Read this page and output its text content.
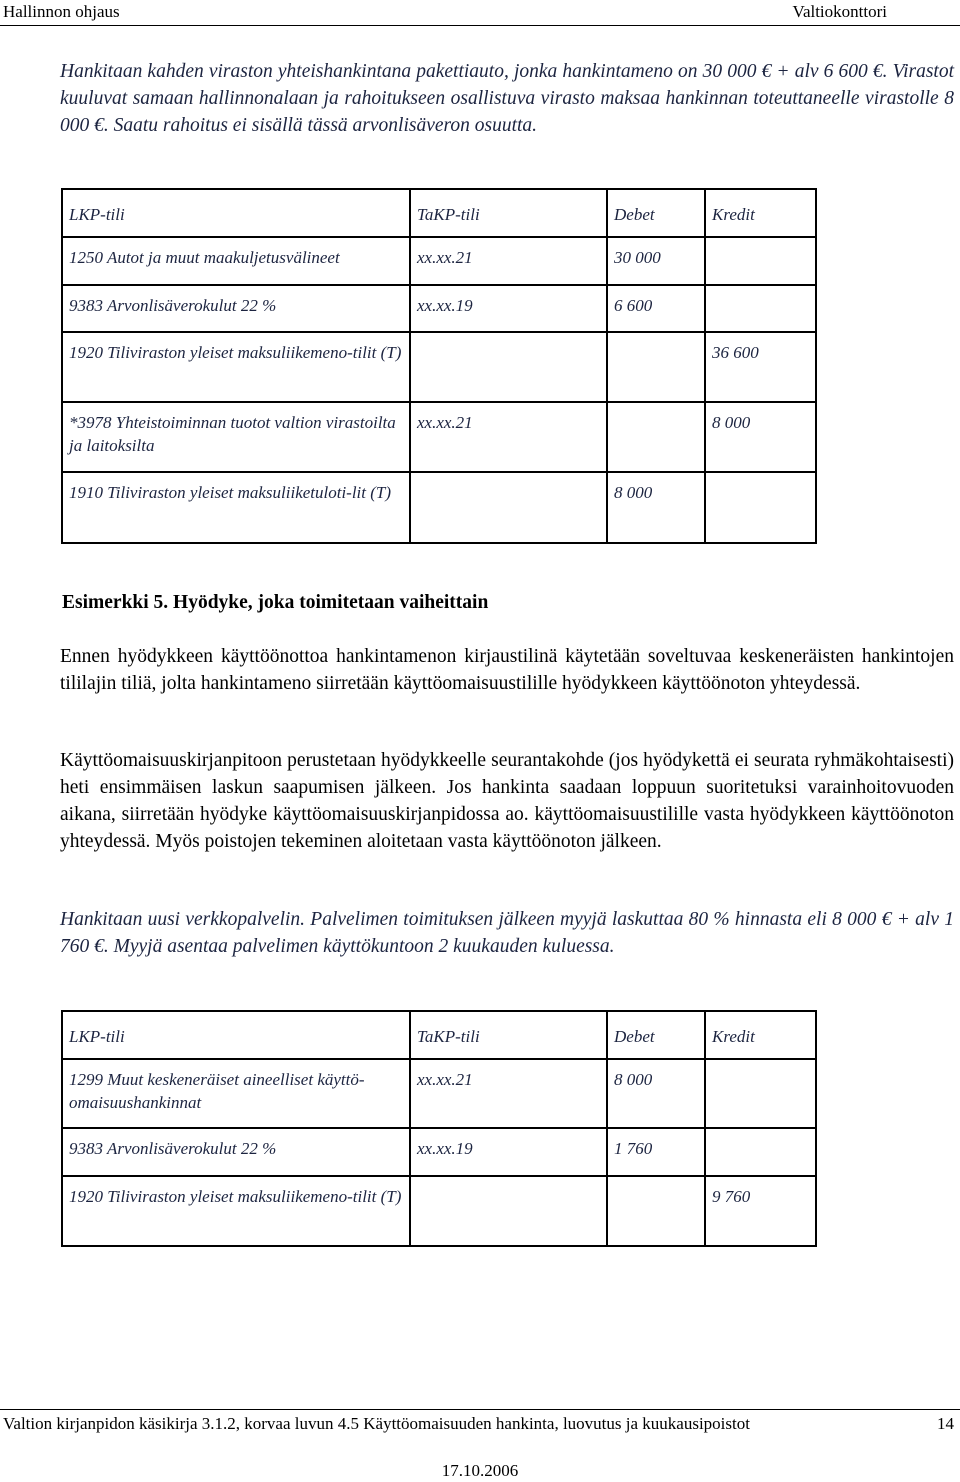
Hallinnon ohjaus	Valtiokonttori
Hankitaan kahden viraston yhteishankintana pakettiauto, jonka hankintameno on 30 000 € + alv 6 600 €. Virastot kuuluvat samaan hallinnonalaan ja rahoitukseen osallistuva virasto maksaa hankinnan toteuttaneelle virastolle 8 000 €. Saatu rahoitus ei sisällä tässä arvonlisäveron osuutta.
LKP-tili	TaKP-tili	Debet	Kredit

1250 Autot ja muut maakuljetusvälineet	xx.xx.21	30 000	

9383 Arvonlisäverokulut 22 %	xx.xx.19	6 600	

1920 Tiliviraston yleiset maksuliikemeno-tilit (T)			36 600

*3978 Yhteistoiminnan tuotot valtion virastoilta ja laitoksilta	xx.xx.21		8 000

1910 Tiliviraston yleiset maksuliiketuloti-lit (T)		8 000	

Esimerkki 5. Hyödyke, joka toimitetaan vaiheittain
Ennen hyödykkeen käyttöönottoa hankintamenon kirjaustilinä käytetään soveltuvaa keskeneräisten hankintojen tililajin tiliä, jolta hankintameno siirretään käyttöomaisuustilille hyödykkeen käyttöönoton yhteydessä.
Käyttöomaisuuskirjanpitoon perustetaan hyödykkeelle seurantakohde (jos hyödykettä ei seurata ryhmäkohtaisesti) heti ensimmäisen laskun saapumisen jälkeen. Jos hankinta saadaan loppuun suoritetuksi varainhoitovuoden aikana, siirretään hyödyke käyttöomaisuuskirjanpidossa ao. käyttöomaisuustilille vasta hyödykkeen käyttöönoton yhteydessä. Myös poistojen tekeminen aloitetaan vasta käyttöönoton jälkeen.
Hankitaan uusi verkkopalvelin. Palvelimen toimituksen jälkeen myyjä laskuttaa 80 % hinnasta eli 8 000 € + alv 1 760 €. Myyjä asentaa palvelimen käyttökuntoon 2 kuukauden kuluessa.
LKP-tili	TaKP-tili	Debet	Kredit

1299 Muut keskeneräiset aineelliset käyttö-omaisuushankinnat	xx.xx.21	8 000	

9383 Arvonlisäverokulut 22 %	xx.xx.19	1 760	

1920 Tiliviraston yleiset maksuliikemeno-tilit (T)			9 760
Valtion kirjanpidon käsikirja 3.1.2, korvaa luvun 4.5 Käyttöomaisuuden hankinta, luovutus ja kuukausipoistot	14
17.10.2006
